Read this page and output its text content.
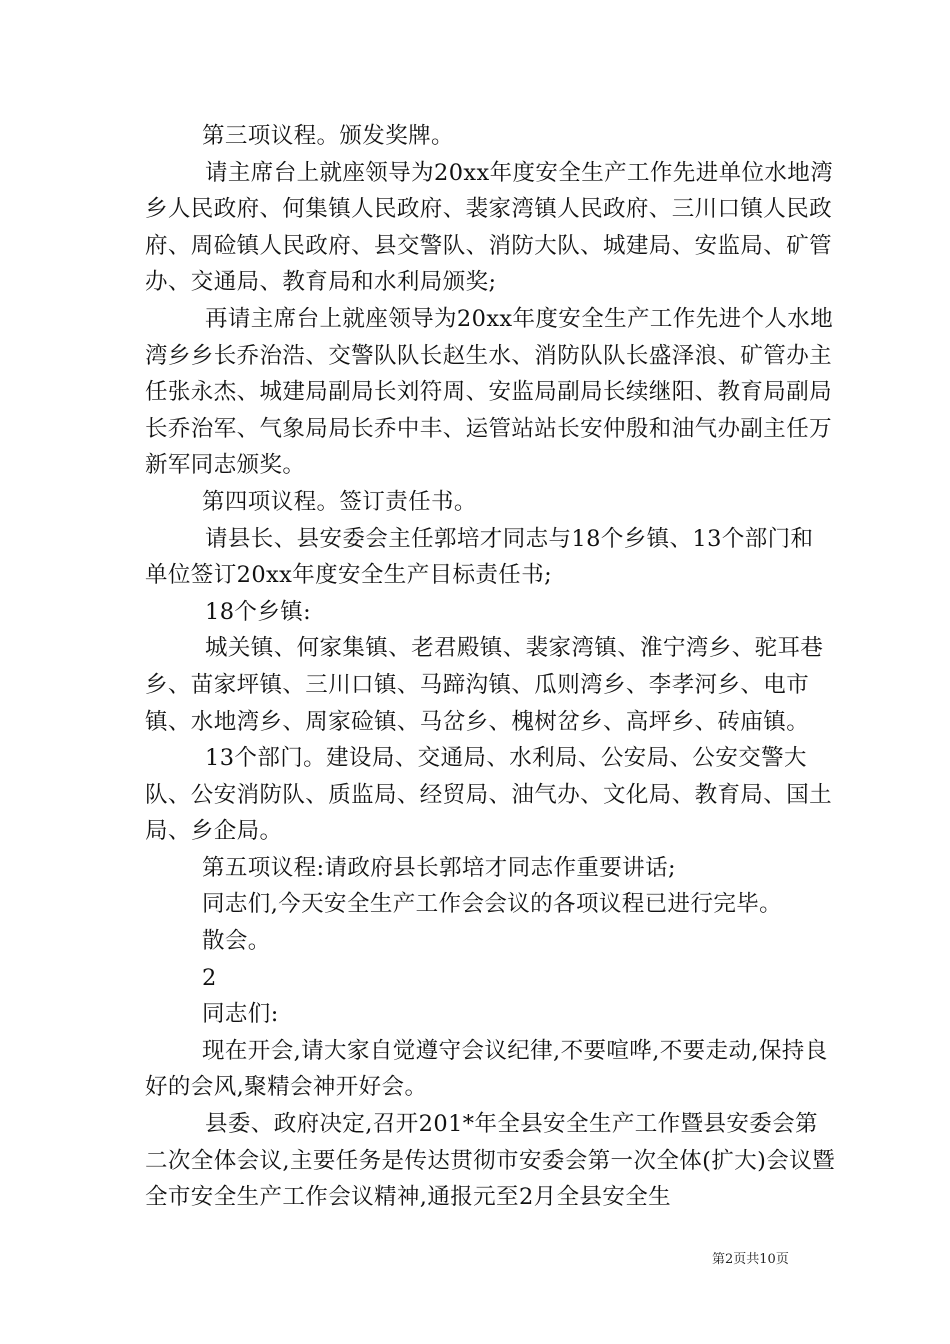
第三项议程。颁发奖牌。

请主席台上就座领导为20xx年度安全生产工作先进单位水地湾乡人民政府、何集镇人民政府、裴家湾镇人民政府、三川口镇人民政府、周硷镇人民政府、县交警队、消防大队、城建局、安监局、矿管办、交通局、教育局和水利局颁奖;

再请主席台上就座领导为20xx年度安全生产工作先进个人水地湾乡乡长乔治浩、交警队队长赵生水、消防队队长盛泽浪、矿管办主任张永杰、城建局副局长刘符周、安监局副局长续继阳、教育局副局长乔治军、气象局局长乔中丰、运管站站长安仲殷和油气办副主任万新军同志颁奖。

第四项议程。签订责任书。

请县长、县安委会主任郭培才同志与18个乡镇、13个部门和单位签订20xx年度安全生产目标责任书;

18个乡镇:

城关镇、何家集镇、老君殿镇、裴家湾镇、淮宁湾乡、驼耳巷乡、苗家坪镇、三川口镇、马蹄沟镇、瓜则湾乡、李孝河乡、电市镇、水地湾乡、周家硷镇、马岔乡、槐树岔乡、高坪乡、砖庙镇。

13个部门。建设局、交通局、水利局、公安局、公安交警大队、公安消防队、质监局、经贸局、油气办、文化局、教育局、国土局、乡企局。

第五项议程:请政府县长郭培才同志作重要讲话;

同志们,今天安全生产工作会会议的各项议程已进行完毕。

散会。

2

同志们:

现在开会,请大家自觉遵守会议纪律,不要喧哗,不要走动,保持良好的会风,聚精会神开好会。

县委、政府决定,召开201*年全县安全生产工作暨县安委会第二次全体会议,主要任务是传达贯彻市安委会第一次全体(扩大)会议暨全市安全生产工作会议精神,通报元至2月全县安全生

第2页共10页
